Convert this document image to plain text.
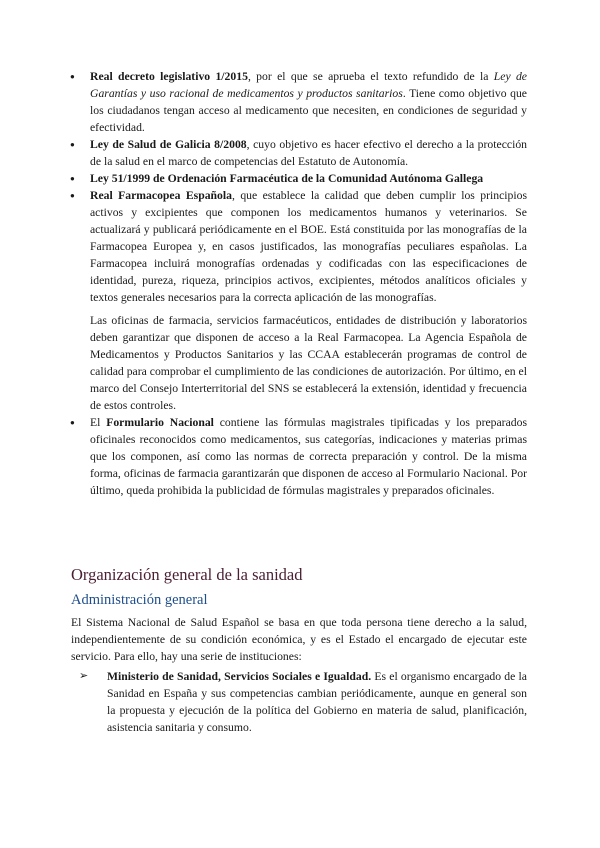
● Real decreto legislativo 1/2015, por el que se aprueba el texto refundido de la Ley de Garantías y uso racional de medicamentos y productos sanitarios. Tiene como objetivo que los ciudadanos tengan acceso al medicamento que necesiten, en condiciones de seguridad y efectividad.
● Ley de Salud de Galicia 8/2008, cuyo objetivo es hacer efectivo el derecho a la protección de la salud en el marco de competencias del Estatuto de Autonomía.
● Ley 51/1999 de Ordenación Farmacéutica de la Comunidad Autónoma Gallega
● Real Farmacopea Española, que establece la calidad que deben cumplir los principios activos y excipientes que componen los medicamentos humanos y veterinarios. Se actualizará y publicará periódicamente en el BOE. Está constituida por las monografías de la Farmacopea Europea y, en casos justificados, las monografías peculiares españolas. La Farmacopea incluirá monografías ordenadas y codificadas con las especificaciones de identidad, pureza, riqueza, principios activos, excipientes, métodos analíticos oficiales y textos generales necesarios para la correcta aplicación de las monografías.
Las oficinas de farmacia, servicios farmacéuticos, entidades de distribución y laboratorios deben garantizar que disponen de acceso a la Real Farmacopea. La Agencia Española de Medicamentos y Productos Sanitarios y las CCAA establecerán programas de control de calidad para comprobar el cumplimiento de las condiciones de autorización. Por último, en el marco del Consejo Interterritorial del SNS se establecerá la extensión, identidad y frecuencia de estos controles.
● El Formulario Nacional contiene las fórmulas magistrales tipificadas y los preparados oficinales reconocidos como medicamentos, sus categorías, indicaciones y materias primas que los componen, así como las normas de correcta preparación y control. De la misma forma, oficinas de farmacia garantizarán que disponen de acceso al Formulario Nacional. Por último, queda prohibida la publicidad de fórmulas magistrales y preparados oficinales.
Organización general de la sanidad
Administración general

El Sistema Nacional de Salud Español se basa en que toda persona tiene derecho a la salud, independientemente de su condición económica, y es el Estado el encargado de ejecutar este servicio. Para ello, hay una serie de instituciones:

➢ Ministerio de Sanidad, Servicios Sociales e Igualdad. Es el organismo encargado de la Sanidad en España y sus competencias cambian periódicamente, aunque en general son la propuesta y ejecución de la política del Gobierno en materia de salud, planificación, asistencia sanitaria y consumo.
